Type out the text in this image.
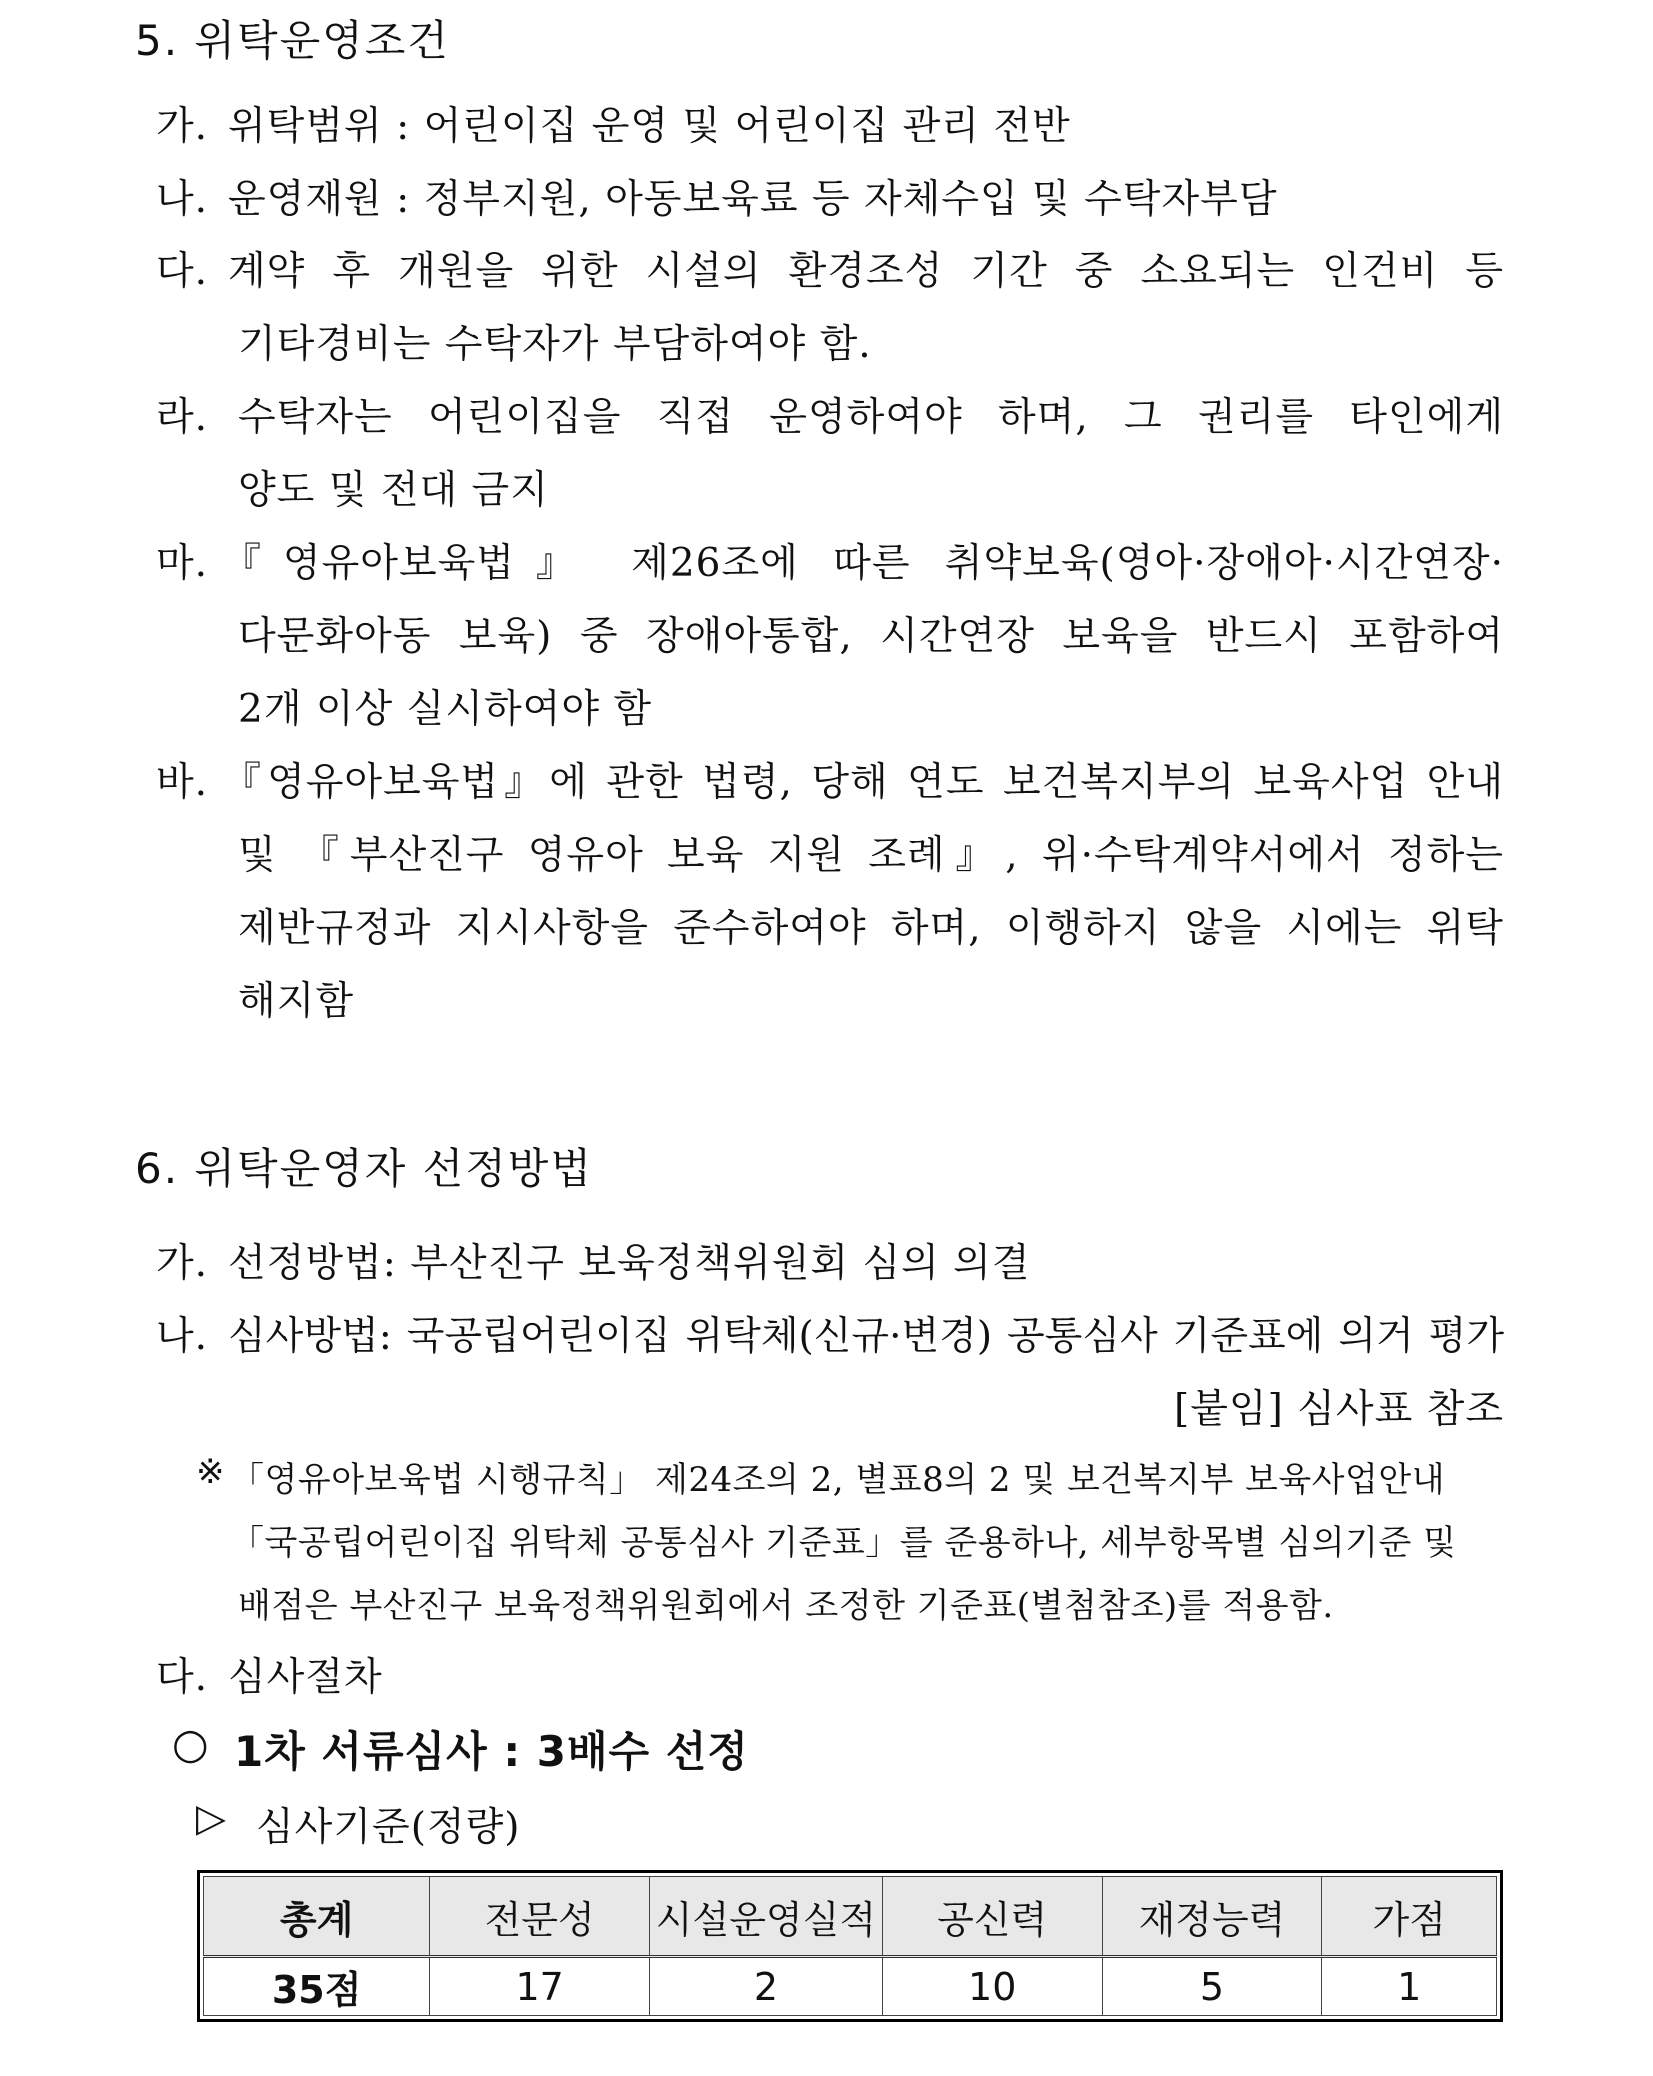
5. 위탁운영조건
가. 위탁범위 : 어린이집 운영 및 어린이집 관리 전반
나. 운영재원 : 정부지원, 아동보육료 등 자체수입 및 수탁자부담
다. 계약 후 개원을 위한 시설의 환경조성 기간 중 소요되는 인건비 등
기타경비는 수탁자가 부담하여야 함.
라. 수탁자는 어린이집을 직접 운영하여야 하며, 그 권리를 타인에게
양도 및 전대 금지
마. 『영유아보육법』 제26조에 따른 취약보육(영아·장애아·시간연장·
다문화아동 보육) 중 장애아통합, 시간연장 보육을 반드시 포함하여
2개 이상 실시하여야 함
바. 『영유아보육법』에 관한 법령, 당해 연도 보건복지부의 보육사업 안내
및 『부산진구 영유아 보육 지원 조례』, 위·수탁계약서에서 정하는
제반규정과 지시사항을 준수하여야 하며, 이행하지 않을 시에는 위탁
해지함
6. 위탁운영자 선정방법
가. 선정방법: 부산진구 보육정책위원회 심의 의결
나. 심사방법: 국공립어린이집 위탁체(신규·변경) 공통심사 기준표에 의거 평가
[붙임] 심사표 참조
※ 「영유아보육법 시행규칙」 제24조의 2, 별표8의 2 및 보건복지부 보육사업안내
「국공립어린이집 위탁체 공통심사 기준표」를 준용하나, 세부항목별 심의기준 및
배점은 부산진구 보육정책위원회에서 조정한 기준표(별첨참조)를 적용함.
다. 심사절차
○ 1차 서류심사 : 3배수 선정
▷ 심사기준(정량)
총계	전문성	시설운영실적	공신력	재정능력	가점
35점	17	2	10	5	1
